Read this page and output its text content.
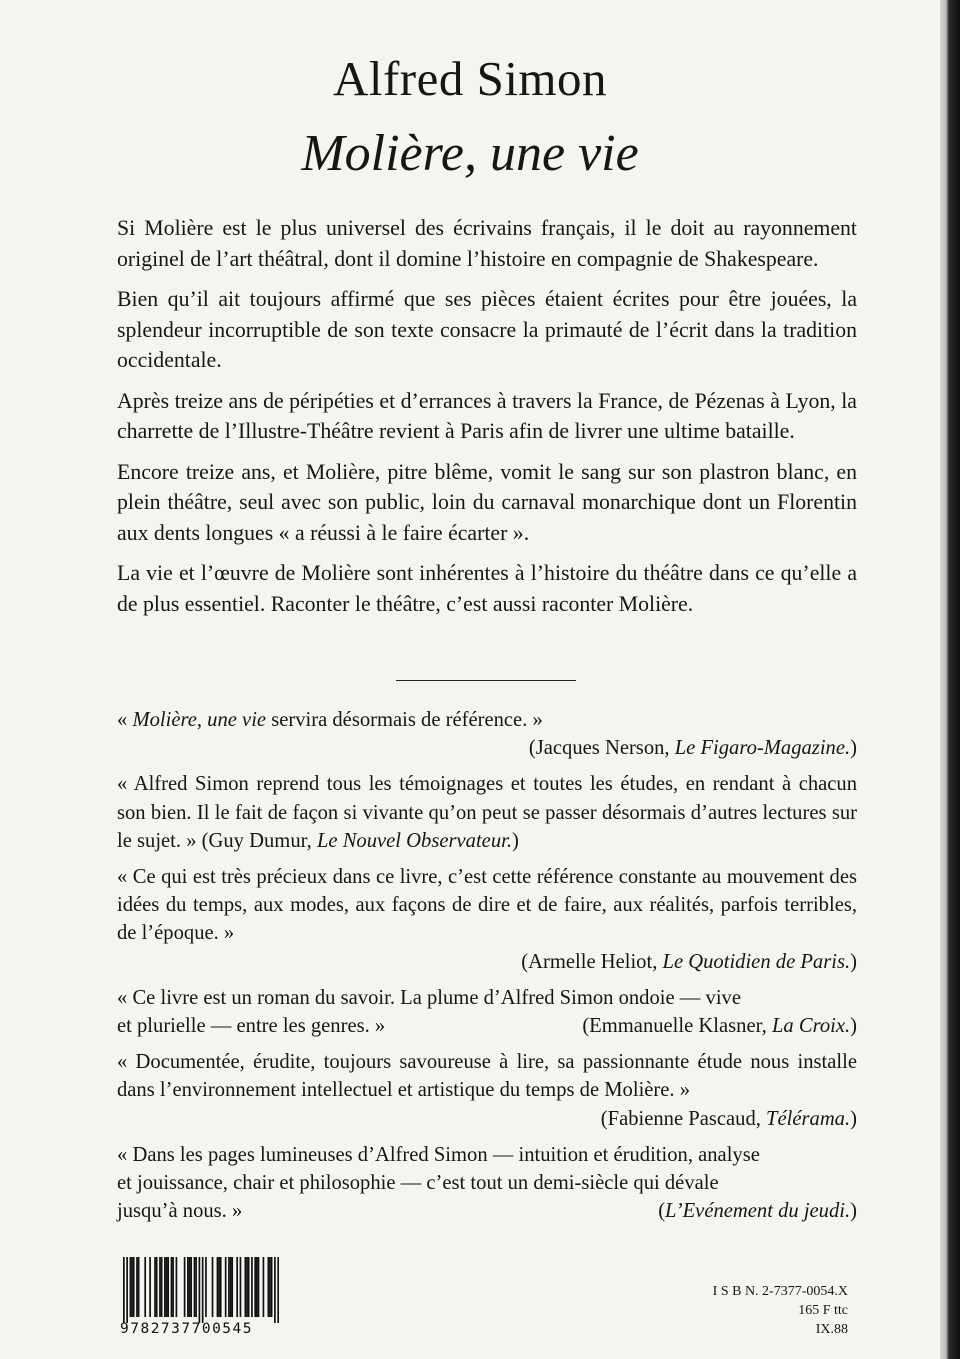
Alfred Simon
Molière, une vie

Si Molière est le plus universel des écrivains français, il le doit au rayonnement originel de l’art théâtral, dont il domine l’histoire en compagnie de Shakespeare.

Bien qu’il ait toujours affirmé que ses pièces étaient écrites pour être jouées, la splendeur incorruptible de son texte consacre la primauté de l’écrit dans la tradition occidentale.

Après treize ans de péripéties et d’errances à travers la France, de Pézenas à Lyon, la charrette de l’Illustre-Théâtre revient à Paris afin de livrer une ultime bataille.

Encore treize ans, et Molière, pitre blême, vomit le sang sur son plastron blanc, en plein théâtre, seul avec son public, loin du carnaval monarchique dont un Florentin aux dents longues « a réussi à le faire écarter ».

La vie et l’œuvre de Molière sont inhérentes à l’histoire du théâtre dans ce qu’elle a de plus essentiel. Raconter le théâtre, c’est aussi raconter Molière.

« Molière, une vie servira désormais de référence. »
(Jacques Nerson, Le Figaro-Magazine.)
« Alfred Simon reprend tous les témoignages et toutes les études, en rendant à chacun son bien. Il le fait de façon si vivante qu’on peut se passer désormais d’autres lectures sur le sujet. » (Guy Dumur, Le Nouvel Observateur.)
« Ce qui est très précieux dans ce livre, c’est cette référence constante au mouvement des idées du temps, aux modes, aux façons de dire et de faire, aux réalités, parfois terribles, de l’époque. »
(Armelle Heliot, Le Quotidien de Paris.)
« Ce livre est un roman du savoir. La plume d’Alfred Simon ondoie — vive
et plurielle — entre les genres. »	(Emmanuelle Klasner, La Croix.)
« Documentée, érudite, toujours savoureuse à lire, sa passionnante étude nous installe dans l’environnement intellectuel et artistique du temps de Molière. »
(Fabienne Pascaud, Télérama.)
« Dans les pages lumineuses d’Alfred Simon — intuition et érudition, analyse
et jouissance, chair et philosophie — c’est tout un demi-siècle qui dévale
jusqu’à nous. »	(L’Evénement du jeudi.)
9782737700545
I S B N. 2-7377-0054.X
165 F ttc
IX.88
